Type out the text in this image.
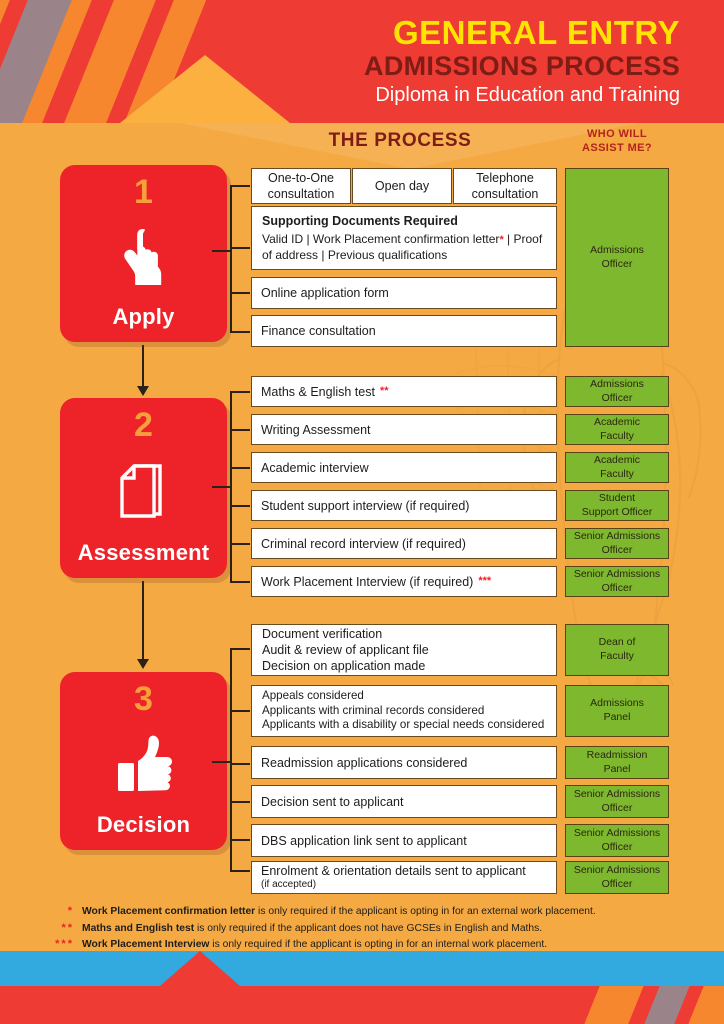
GENERAL ENTRY
ADMISSIONS PROCESS
Diploma in Education and Training
THE PROCESS	WHO WILL
ASSIST ME?
1
Apply
One-to-One consultation
Open day
Telephone consultation
Supporting Documents Required
Valid ID | Work Placement confirmation letter* | Proof of address | Previous qualifications
Online application form
Finance consultation
Admissions
Officer
2
Assessment
Maths & English test **
Admissions
Officer
Writing Assessment
Academic
Faculty
Academic interview
Academic
Faculty
Student support interview (if required)
Student
Support Officer
Criminal record interview (if required)
Senior Admissions
Officer
Work Placement Interview (if required) ***
Senior Admissions
Officer
3
Decision
Document verification
Audit & review of applicant file
Decision on application made
Dean of
Faculty
Appeals considered
Applicants with criminal records considered
Applicants with a disability or special needs considered
Admissions
Panel
Readmission applications considered
Readmission
Panel
Decision sent to applicant
Senior Admissions
Officer
DBS application link sent to applicant
Senior Admissions
Officer
Enrolment & orientation details sent to applicant
(if accepted)
Senior Admissions
Officer
* Work Placement confirmation letter is only required if the applicant is opting in for an external work placement.
** Maths and English test is only required if the applicant does not have GCSEs in English and Maths.
*** Work Placement Interview is only required if the applicant is opting in for an internal work placement.
